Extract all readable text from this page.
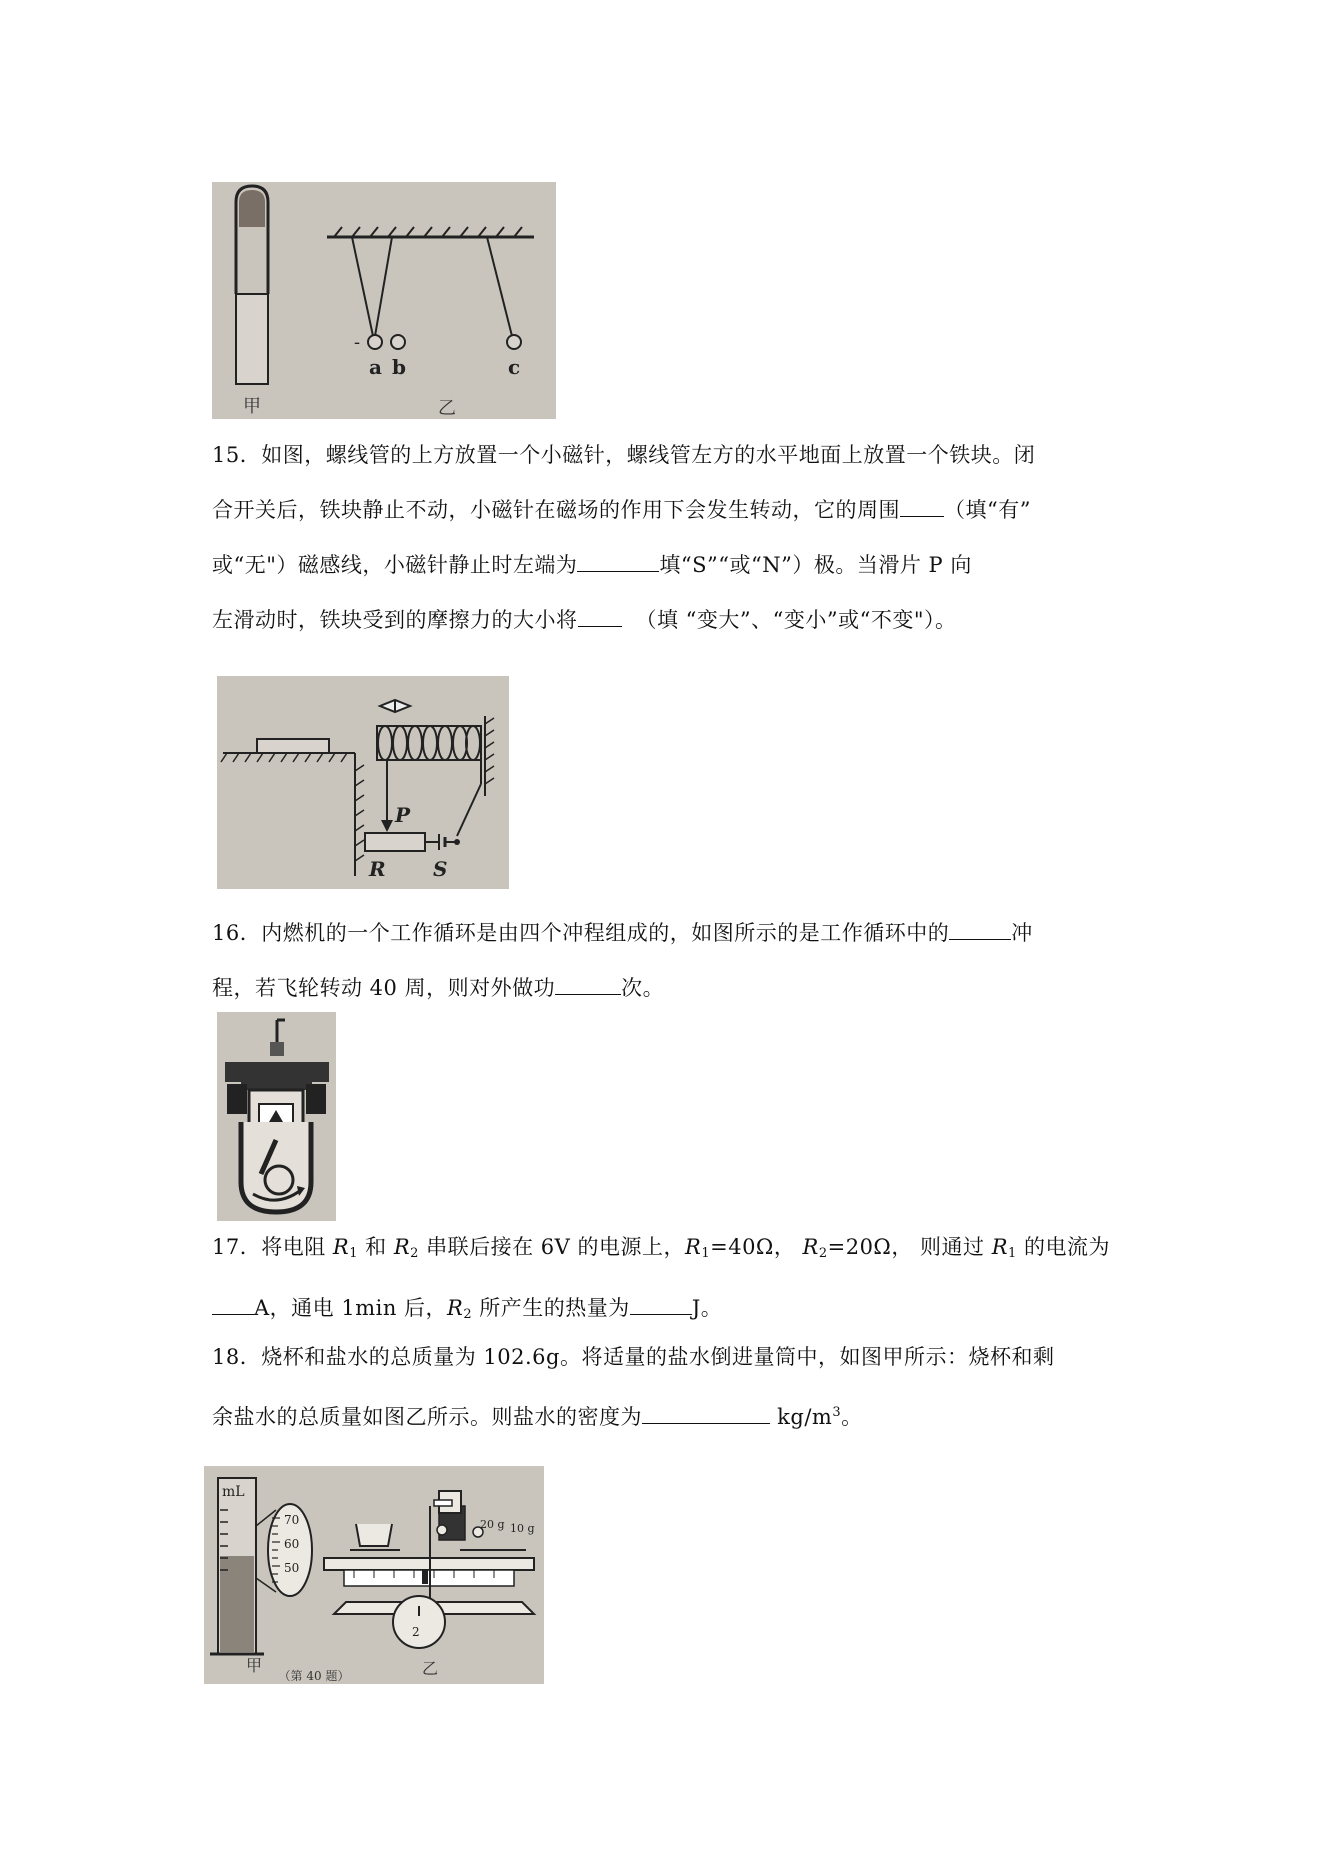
甲
-
a b	c
乙
15．如图，螺线管的上方放置一个小磁针，螺线管左方的水平地面上放置一个铁块。闭
合开关后，铁块静止不动，小磁针在磁场的作用下会发生转动，它的周围 （填“有”
或“无"）磁感线，小磁针静止时左端为	填“S”“或“N”）极。当滑片 P 向
左滑动时，铁块受到的摩擦力的大小将	（填 “变大”、“变小”或“不变"）。
P
R S
16．内燃机的一个工作循环是由四个冲程组成的，如图所示的是工作循环中的	冲
程，若飞轮转动 40 周，则对外做功	次。
17．将电阻 $R_1$ 和 $R_2$ 串联后接在 6V 的电源上，$R_1=40\Omega$， $R_2=20\Omega$， 则通过 $R_1$ 的电流为
A，通电 1min 后，$R_2$ 所产生的热量为	J。
18．烧杯和盐水的总质量为 102.6g。将适量的盐水倒进量筒中，如图甲所示：烧杯和剩
余盐水的总质量如图乙所示。则盐水的密度为	$kg/m^3$。
mL
70
60
50
20 g 10 g
2
甲	乙
（第 40 题）
